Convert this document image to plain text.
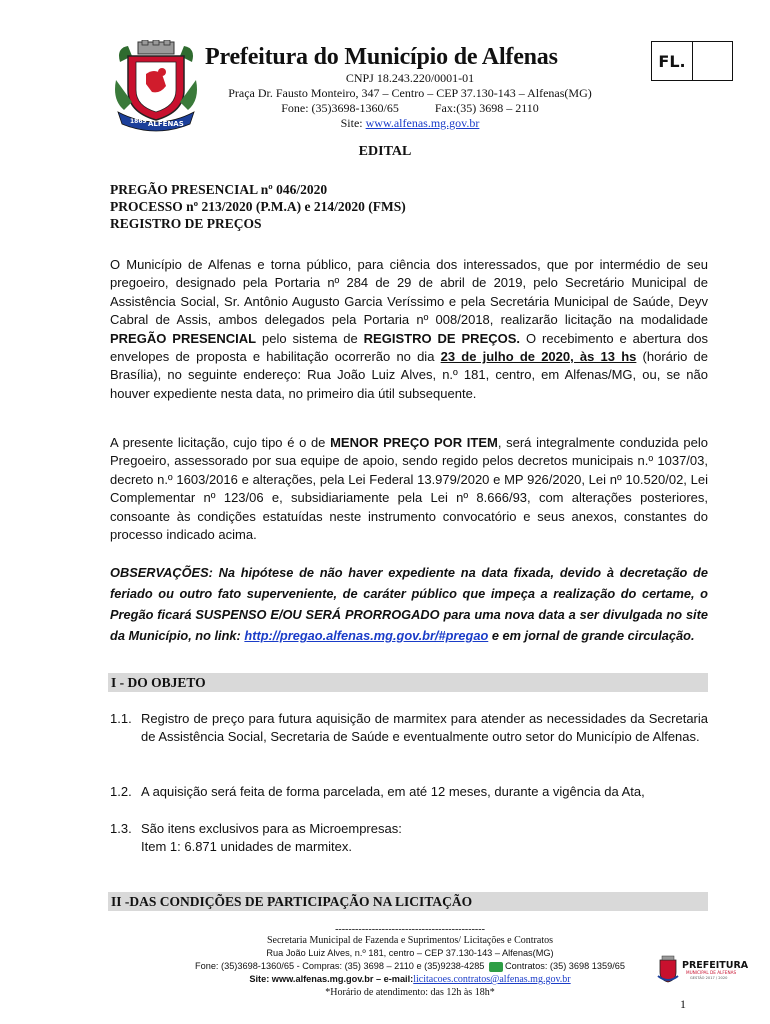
1869 ALFENAS
Prefeitura do Município de Alfenas	FL.
CNPJ 18.243.220/0001-01
Praça Dr. Fausto Monteiro, 347 – Centro – CEP 37.130-143 – Alfenas(MG)
Fone: (35)3698-1360/65	Fax:(35) 3698 – 2110
Site: www.alfenas.mg.gov.br
EDITAL
PREGÃO PRESENCIAL nº 046/2020
PROCESSO nº 213/2020 (P.M.A) e 214/2020 (FMS)
REGISTRO DE PREÇOS
O Município de Alfenas e torna público, para ciência dos interessados, que por intermédio de seu pregoeiro, designado pela Portaria nº 284 de 29 de abril de 2019, pelo Secretário Municipal de Assistência Social, Sr. Antônio Augusto Garcia Veríssimo e pela Secretária Municipal de Saúde, Deyv Cabral de Assis, ambos delegados pela Portaria nº 008/2018, realizarão licitação na modalidade PREGÃO PRESENCIAL pelo sistema de REGISTRO DE PREÇOS. O recebimento e abertura dos envelopes de proposta e habilitação ocorrerão no dia 23 de julho de 2020, às 13 hs (horário de Brasília), no seguinte endereço: Rua João Luiz Alves, n.º 181, centro, em Alfenas/MG, ou, se não houver expediente nesta data, no primeiro dia útil subsequente.
A presente licitação, cujo tipo é o de MENOR PREÇO POR ITEM, será integralmente conduzida pelo Pregoeiro, assessorado por sua equipe de apoio, sendo regido pelos decretos municipais n.º 1037/03, decreto n.º 1603/2016 e alterações, pela Lei Federal 13.979/2020 e MP 926/2020, Lei nº 10.520/02, Lei Complementar nº 123/06 e, subsidiariamente pela Lei nº 8.666/93, com alterações posteriores, consoante às condições estatuídas neste instrumento convocatório e seus anexos, constantes do processo indicado acima.
OBSERVAÇÕES: Na hipótese de não haver expediente na data fixada, devido à decretação de feriado ou outro fato superveniente, de caráter público que impeça a realização do certame, o Pregão ficará SUSPENSO E/OU SERÁ PRORROGADO para uma nova data a ser divulgada no site da Município, no link: http://pregao.alfenas.mg.gov.br/#pregao e em jornal de grande circulação.
I - DO OBJETO
1.1. Registro de preço para futura aquisição de marmitex para atender as necessidades da Secretaria de Assistência Social, Secretaria de Saúde e eventualmente outro setor do Município de Alfenas.
1.2. A aquisição será feita de forma parcelada, em até 12 meses, durante a vigência da Ata,
1.3. São itens exclusivos para as Microempresas:
Item 1: 6.871 unidades de marmitex.
II -DAS CONDIÇÕES DE PARTICIPAÇÃO NA LICITAÇÃO
---------------------------------------------
Secretaria Municipal de Fazenda e Suprimentos/ Licitações e Contratos
Rua João Luiz Alves, n.º 181, centro – CEP 37.130-143 – Alfenas(MG)
Fone: (35)3698-1360/65 - Compras: (35) 3698 – 2110 e (35)9238-4285 Contratos: (35) 3698 1359/65
Site: www.alfenas.mg.gov.br – e-mail:licitacoes.contratos@alfenas.mg.gov.br
*Horário de atendimento: das 12h às 18h*
PREFEITURA
MUNICIPAL DE ALFENAS
GESTÃO 2017 / 2020
1
